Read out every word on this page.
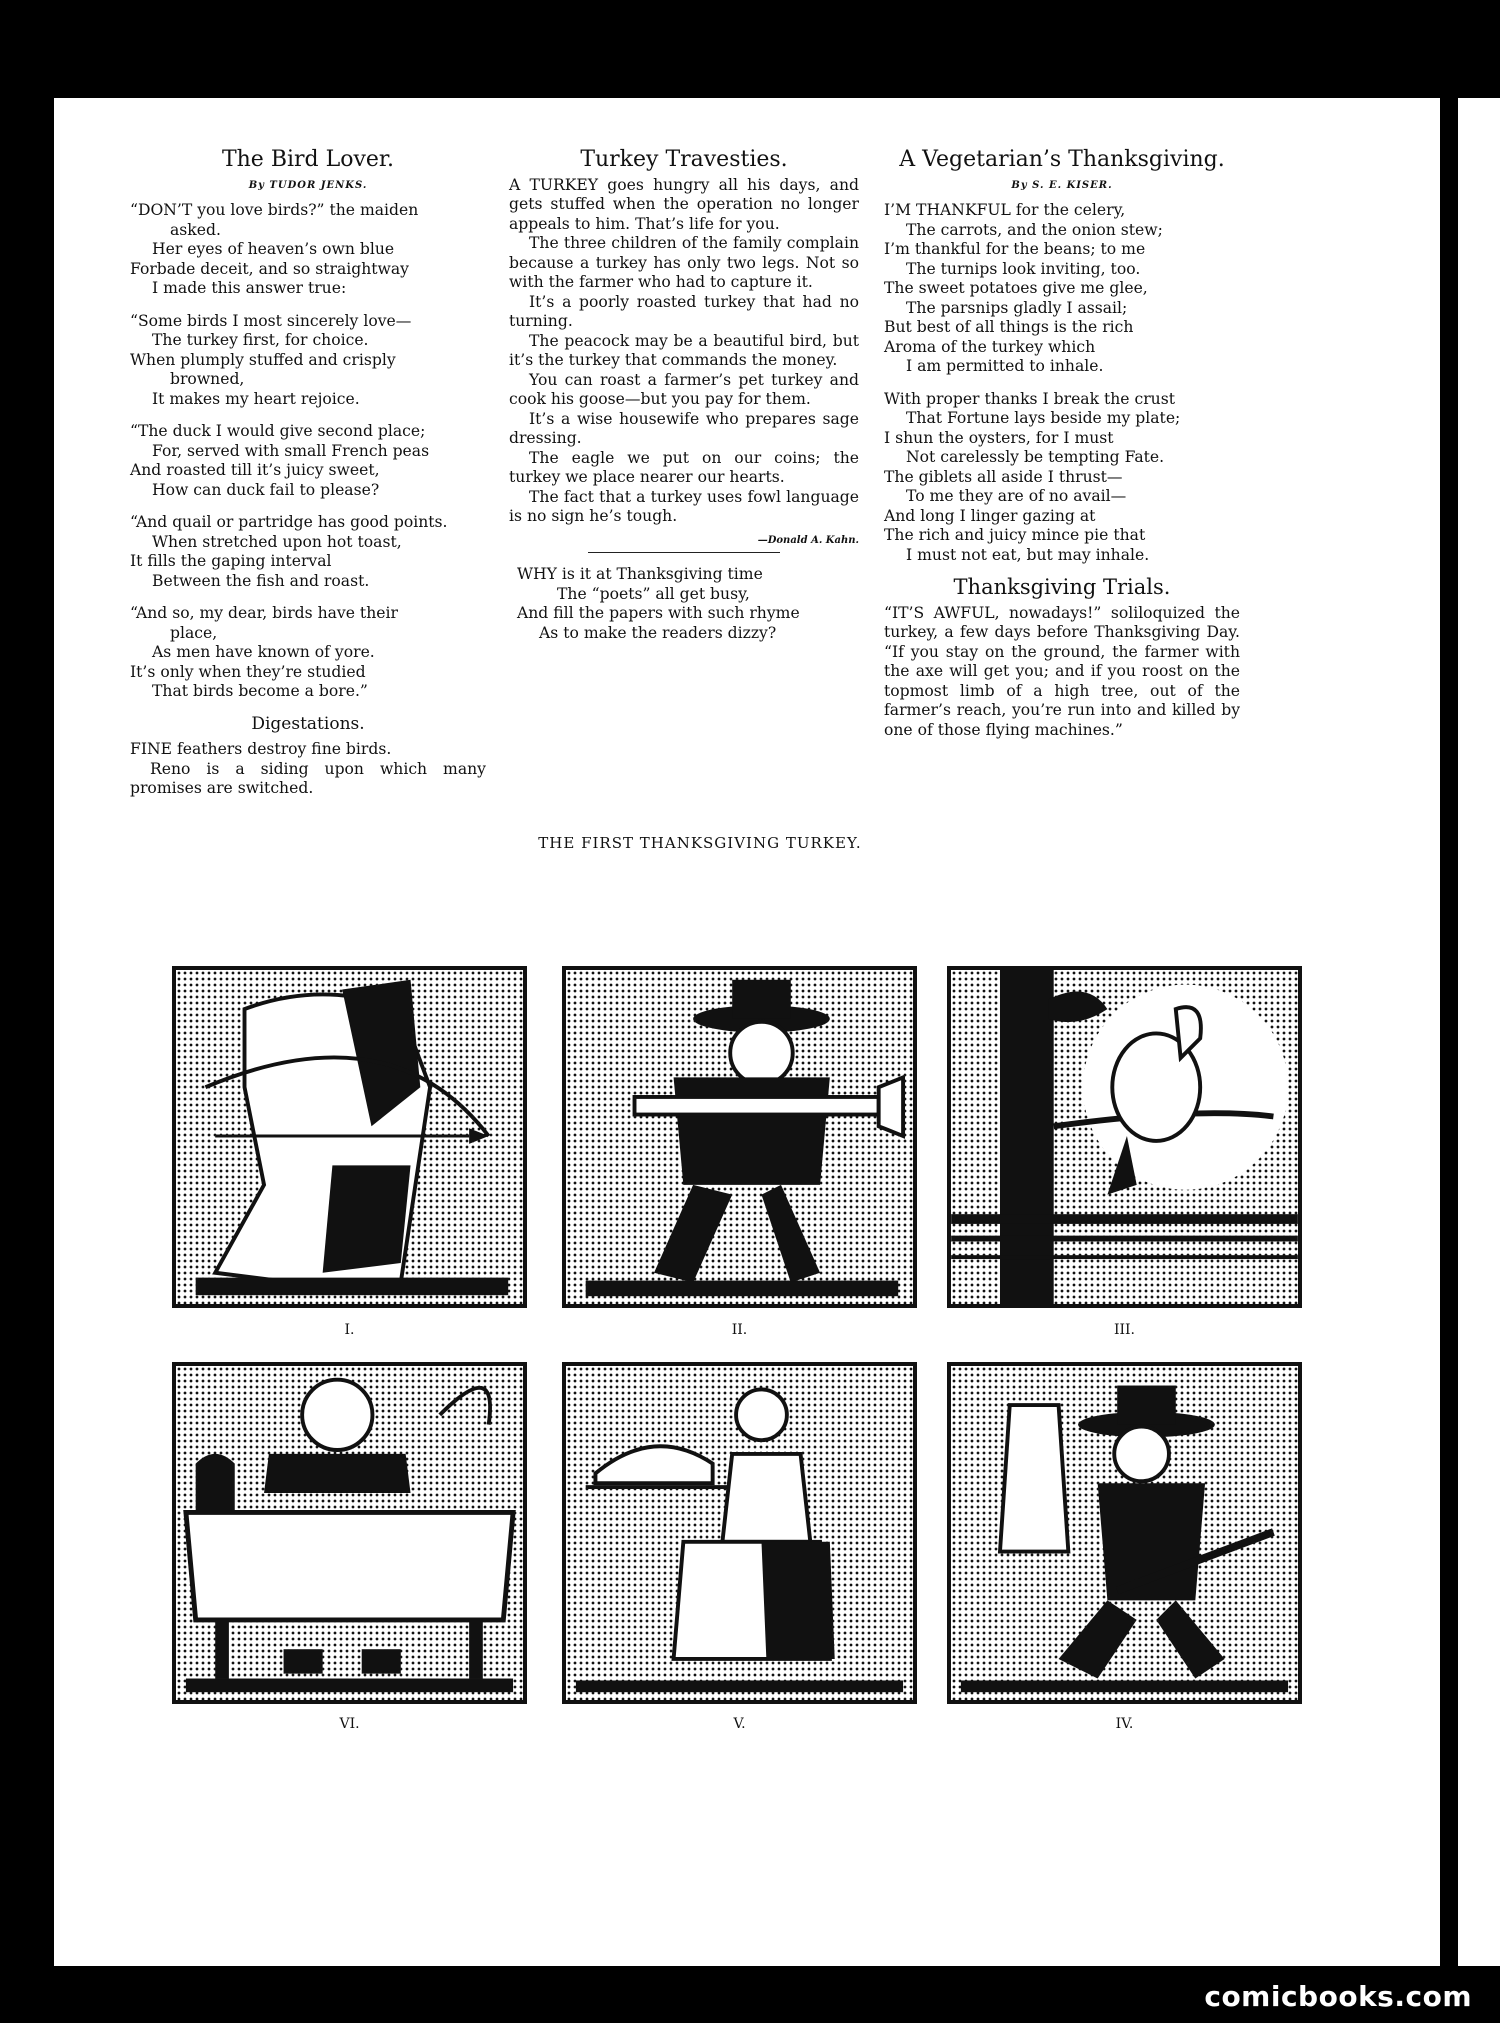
The Bird Lover.
By TUDOR JENKS.
“DON’T you love birds?” the maiden
asked.
Her eyes of heaven’s own blue
Forbade deceit, and so straightway
I made this answer true:
“Some birds I most sincerely love—
The turkey first, for choice.
When plumply stuffed and crisply
browned,
It makes my heart rejoice.
“The duck I would give second place;
For, served with small French peas
And roasted till it’s juicy sweet,
How can duck fail to please?
“And quail or partridge has good points.
When stretched upon hot toast,
It fills the gaping interval
Between the fish and roast.
“And so, my dear, birds have their
place,
As men have known of yore.
It’s only when they’re studied
That birds become a bore.”
Digestations.

FINE feathers destroy fine birds.

Reno is a siding upon which many promises are switched.

Turkey Travesties.

A TURKEY goes hungry all his days, and gets stuffed when the operation no longer appeals to him. That’s life for you.

The three children of the family complain because a turkey has only two legs. Not so with the farmer who had to capture it.

It’s a poorly roasted turkey that had no turning.

The peacock may be a beautiful bird, but it’s the turkey that commands the money.

You can roast a farmer’s pet turkey and cook his goose—but you pay for them.

It’s a wise housewife who prepares sage dressing.

The eagle we put on our coins; the turkey we place nearer our hearts.

The fact that a turkey uses fowl language is no sign he’s tough.

—Donald A. Kahn.
WHY is it at Thanksgiving time
The “poets” all get busy,
And fill the papers with such rhyme
As to make the readers dizzy?
A Vegetarian’s Thanksgiving.
By S. E. KISER.
I’M THANKFUL for the celery,
The carrots, and the onion stew;
I’m thankful for the beans; to me
The turnips look inviting, too.
The sweet potatoes give me glee,
The parsnips gladly I assail;
But best of all things is the rich
Aroma of the turkey which
I am permitted to inhale.
With proper thanks I break the crust
That Fortune lays beside my plate;
I shun the oysters, for I must
Not carelessly be tempting Fate.
The giblets all aside I thrust—
To me they are of no avail—
And long I linger gazing at
The rich and juicy mince pie that
I must not eat, but may inhale.
Thanksgiving Trials.

“IT’S AWFUL, nowadays!” soliloquized the turkey, a few days before Thanksgiving Day. “If you stay on the ground, the farmer with the axe will get you; and if you roost on the topmost limb of a high tree, out of the farmer’s reach, you’re run into and killed by one of those flying machines.”

THE FIRST THANKSGIVING TURKEY.
I.	II.	III.
VI.	V.	IV.
comicbooks.com
